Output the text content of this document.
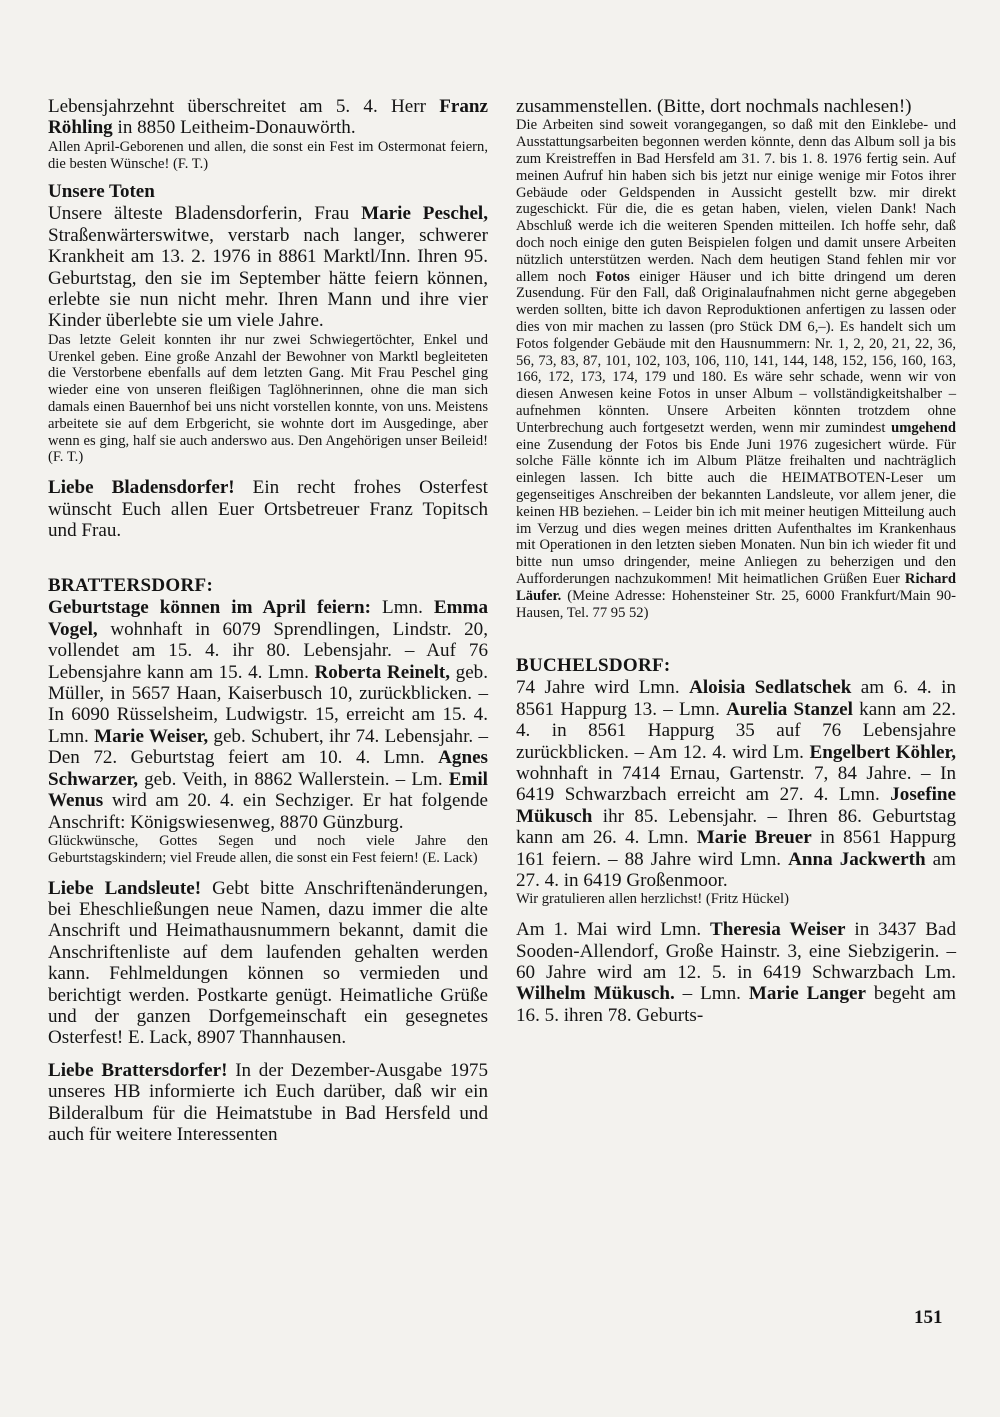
Lebensjahrzehnt überschreitet am 5. 4. Herr Franz Röhling in 8850 Leitheim-Donauwörth.

Allen April-Geborenen und allen, die sonst ein Fest im Ostermonat feiern, die besten Wünsche! (F. T.)

Unsere Toten

Unsere älteste Bladensdorferin, Frau Marie Peschel, Straßenwärterswitwe, verstarb nach langer, schwerer Krankheit am 13. 2. 1976 in 8861 Marktl/Inn. Ihren 95. Geburtstag, den sie im September hätte feiern können, erlebte sie nun nicht mehr. Ihren Mann und ihre vier Kinder überlebte sie um viele Jahre.

Das letzte Geleit konnten ihr nur zwei Schwiegertöchter, Enkel und Urenkel geben. Eine große Anzahl der Bewohner von Marktl begleiteten die Verstorbene ebenfalls auf dem letzten Gang. Mit Frau Peschel ging wieder eine von unseren fleißigen Taglöhnerinnen, ohne die man sich damals einen Bauernhof bei uns nicht vorstellen konnte, von uns. Meistens arbeitete sie auf dem Erbgericht, sie wohnte dort im Ausgedinge, aber wenn es ging, half sie auch anderswo aus. Den Angehörigen unser Beileid! (F. T.)

Liebe Bladensdorfer! Ein recht frohes Osterfest wünscht Euch allen Euer Ortsbetreuer Franz Topitsch und Frau.

BRATTERSDORF:

Geburtstage können im April feiern: Lmn. Emma Vogel, wohnhaft in 6079 Sprendlingen, Lindstr. 20, vollendet am 15. 4. ihr 80. Lebensjahr. – Auf 76 Lebensjahre kann am 15. 4. Lmn. Roberta Reinelt, geb. Müller, in 5657 Haan, Kaiserbusch 10, zurückblicken. – In 6090 Rüsselsheim, Ludwigstr. 15, erreicht am 15. 4. Lmn. Marie Weiser, geb. Schubert, ihr 74. Lebensjahr. – Den 72. Geburtstag feiert am 10. 4. Lmn. Agnes Schwarzer, geb. Veith, in 8862 Wallerstein. – Lm. Emil Wenus wird am 20. 4. ein Sechziger. Er hat folgende Anschrift: Königswiesenweg, 8870 Günzburg.

Glückwünsche, Gottes Segen und noch viele Jahre den Geburtstagskindern; viel Freude allen, die sonst ein Fest feiern! (E. Lack)

Liebe Landsleute! Gebt bitte Anschriftenänderungen, bei Eheschließungen neue Namen, dazu immer die alte Anschrift und Heimathausnummern bekannt, damit die Anschriftenliste auf dem laufenden gehalten werden kann. Fehlmeldungen können so vermieden und berichtigt werden. Postkarte genügt. Heimatliche Grüße und der ganzen Dorfgemeinschaft ein gesegnetes Osterfest! E. Lack, 8907 Thannhausen.

Liebe Brattersdorfer! In der Dezember-Ausgabe 1975 unseres HB informierte ich Euch darüber, daß wir ein Bilderalbum für die Heimatstube in Bad Hersfeld und auch für weitere Interessenten

zusammenstellen. (Bitte, dort nochmals nachlesen!)

Die Arbeiten sind soweit vorangegangen, so daß mit den Einklebe- und Ausstattungsarbeiten begonnen werden könnte, denn das Album soll ja bis zum Kreistreffen in Bad Hersfeld am 31. 7. bis 1. 8. 1976 fertig sein. Auf meinen Aufruf hin haben sich bis jetzt nur einige wenige mir Fotos ihrer Gebäude oder Geldspenden in Aussicht gestellt bzw. mir direkt zugeschickt. Für die, die es getan haben, vielen, vielen Dank! Nach Abschluß werde ich die weiteren Spenden mitteilen. Ich hoffe sehr, daß doch noch einige den guten Beispielen folgen und damit unsere Arbeiten nützlich unterstützen werden. Nach dem heutigen Stand fehlen mir vor allem noch Fotos einiger Häuser und ich bitte dringend um deren Zusendung. Für den Fall, daß Originalaufnahmen nicht gerne abgegeben werden sollten, bitte ich davon Reproduktionen anfertigen zu lassen oder dies von mir machen zu lassen (pro Stück DM 6,–). Es handelt sich um Fotos folgender Gebäude mit den Hausnummern: Nr. 1, 2, 20, 21, 22, 36, 56, 73, 83, 87, 101, 102, 103, 106, 110, 141, 144, 148, 152, 156, 160, 163, 166, 172, 173, 174, 179 und 180. Es wäre sehr schade, wenn wir von diesen Anwesen keine Fotos in unser Album – vollständigkeitshalber – aufnehmen könnten. Unsere Arbeiten könnten trotzdem ohne Unterbrechung auch fortgesetzt werden, wenn mir zumindest umgehend eine Zusendung der Fotos bis Ende Juni 1976 zugesichert würde. Für solche Fälle könnte ich im Album Plätze freihalten und nachträglich einlegen lassen. Ich bitte auch die HEIMATBOTEN-Leser um gegenseitiges Anschreiben der bekannten Landsleute, vor allem jener, die keinen HB beziehen. – Leider bin ich mit meiner heutigen Mitteilung auch im Verzug und dies wegen meines dritten Aufenthaltes im Krankenhaus mit Operationen in den letzten sieben Monaten. Nun bin ich wieder fit und bitte nun umso dringender, meine Anliegen zu beherzigen und den Aufforderungen nachzukommen! Mit heimatlichen Grüßen Euer Richard Läufer. (Meine Adresse: Hohensteiner Str. 25, 6000 Frankfurt/Main 90-Hausen, Tel. 77 95 52)

BUCHELSDORF:

74 Jahre wird Lmn. Aloisia Sedlatschek am 6. 4. in 8561 Happurg 13. – Lmn. Aurelia Stanzel kann am 22. 4. in 8561 Happurg 35 auf 76 Lebensjahre zurückblicken. – Am 12. 4. wird Lm. Engelbert Köhler, wohnhaft in 7414 Ernau, Gartenstr. 7, 84 Jahre. – In 6419 Schwarzbach erreicht am 27. 4. Lmn. Josefine Mükusch ihr 85. Lebensjahr. – Ihren 86. Geburtstag kann am 26. 4. Lmn. Marie Breuer in 8561 Happurg 161 feiern. – 88 Jahre wird Lmn. Anna Jackwerth am 27. 4. in 6419 Großenmoor.

Wir gratulieren allen herzlichst! (Fritz Hückel)

Am 1. Mai wird Lmn. Theresia Weiser in 3437 Bad Sooden-Allendorf, Große Hainstr. 3, eine Siebzigerin. – 60 Jahre wird am 12. 5. in 6419 Schwarzbach Lm. Wilhelm Mükusch. – Lmn. Marie Langer begeht am 16. 5. ihren 78. Geburts-

151
